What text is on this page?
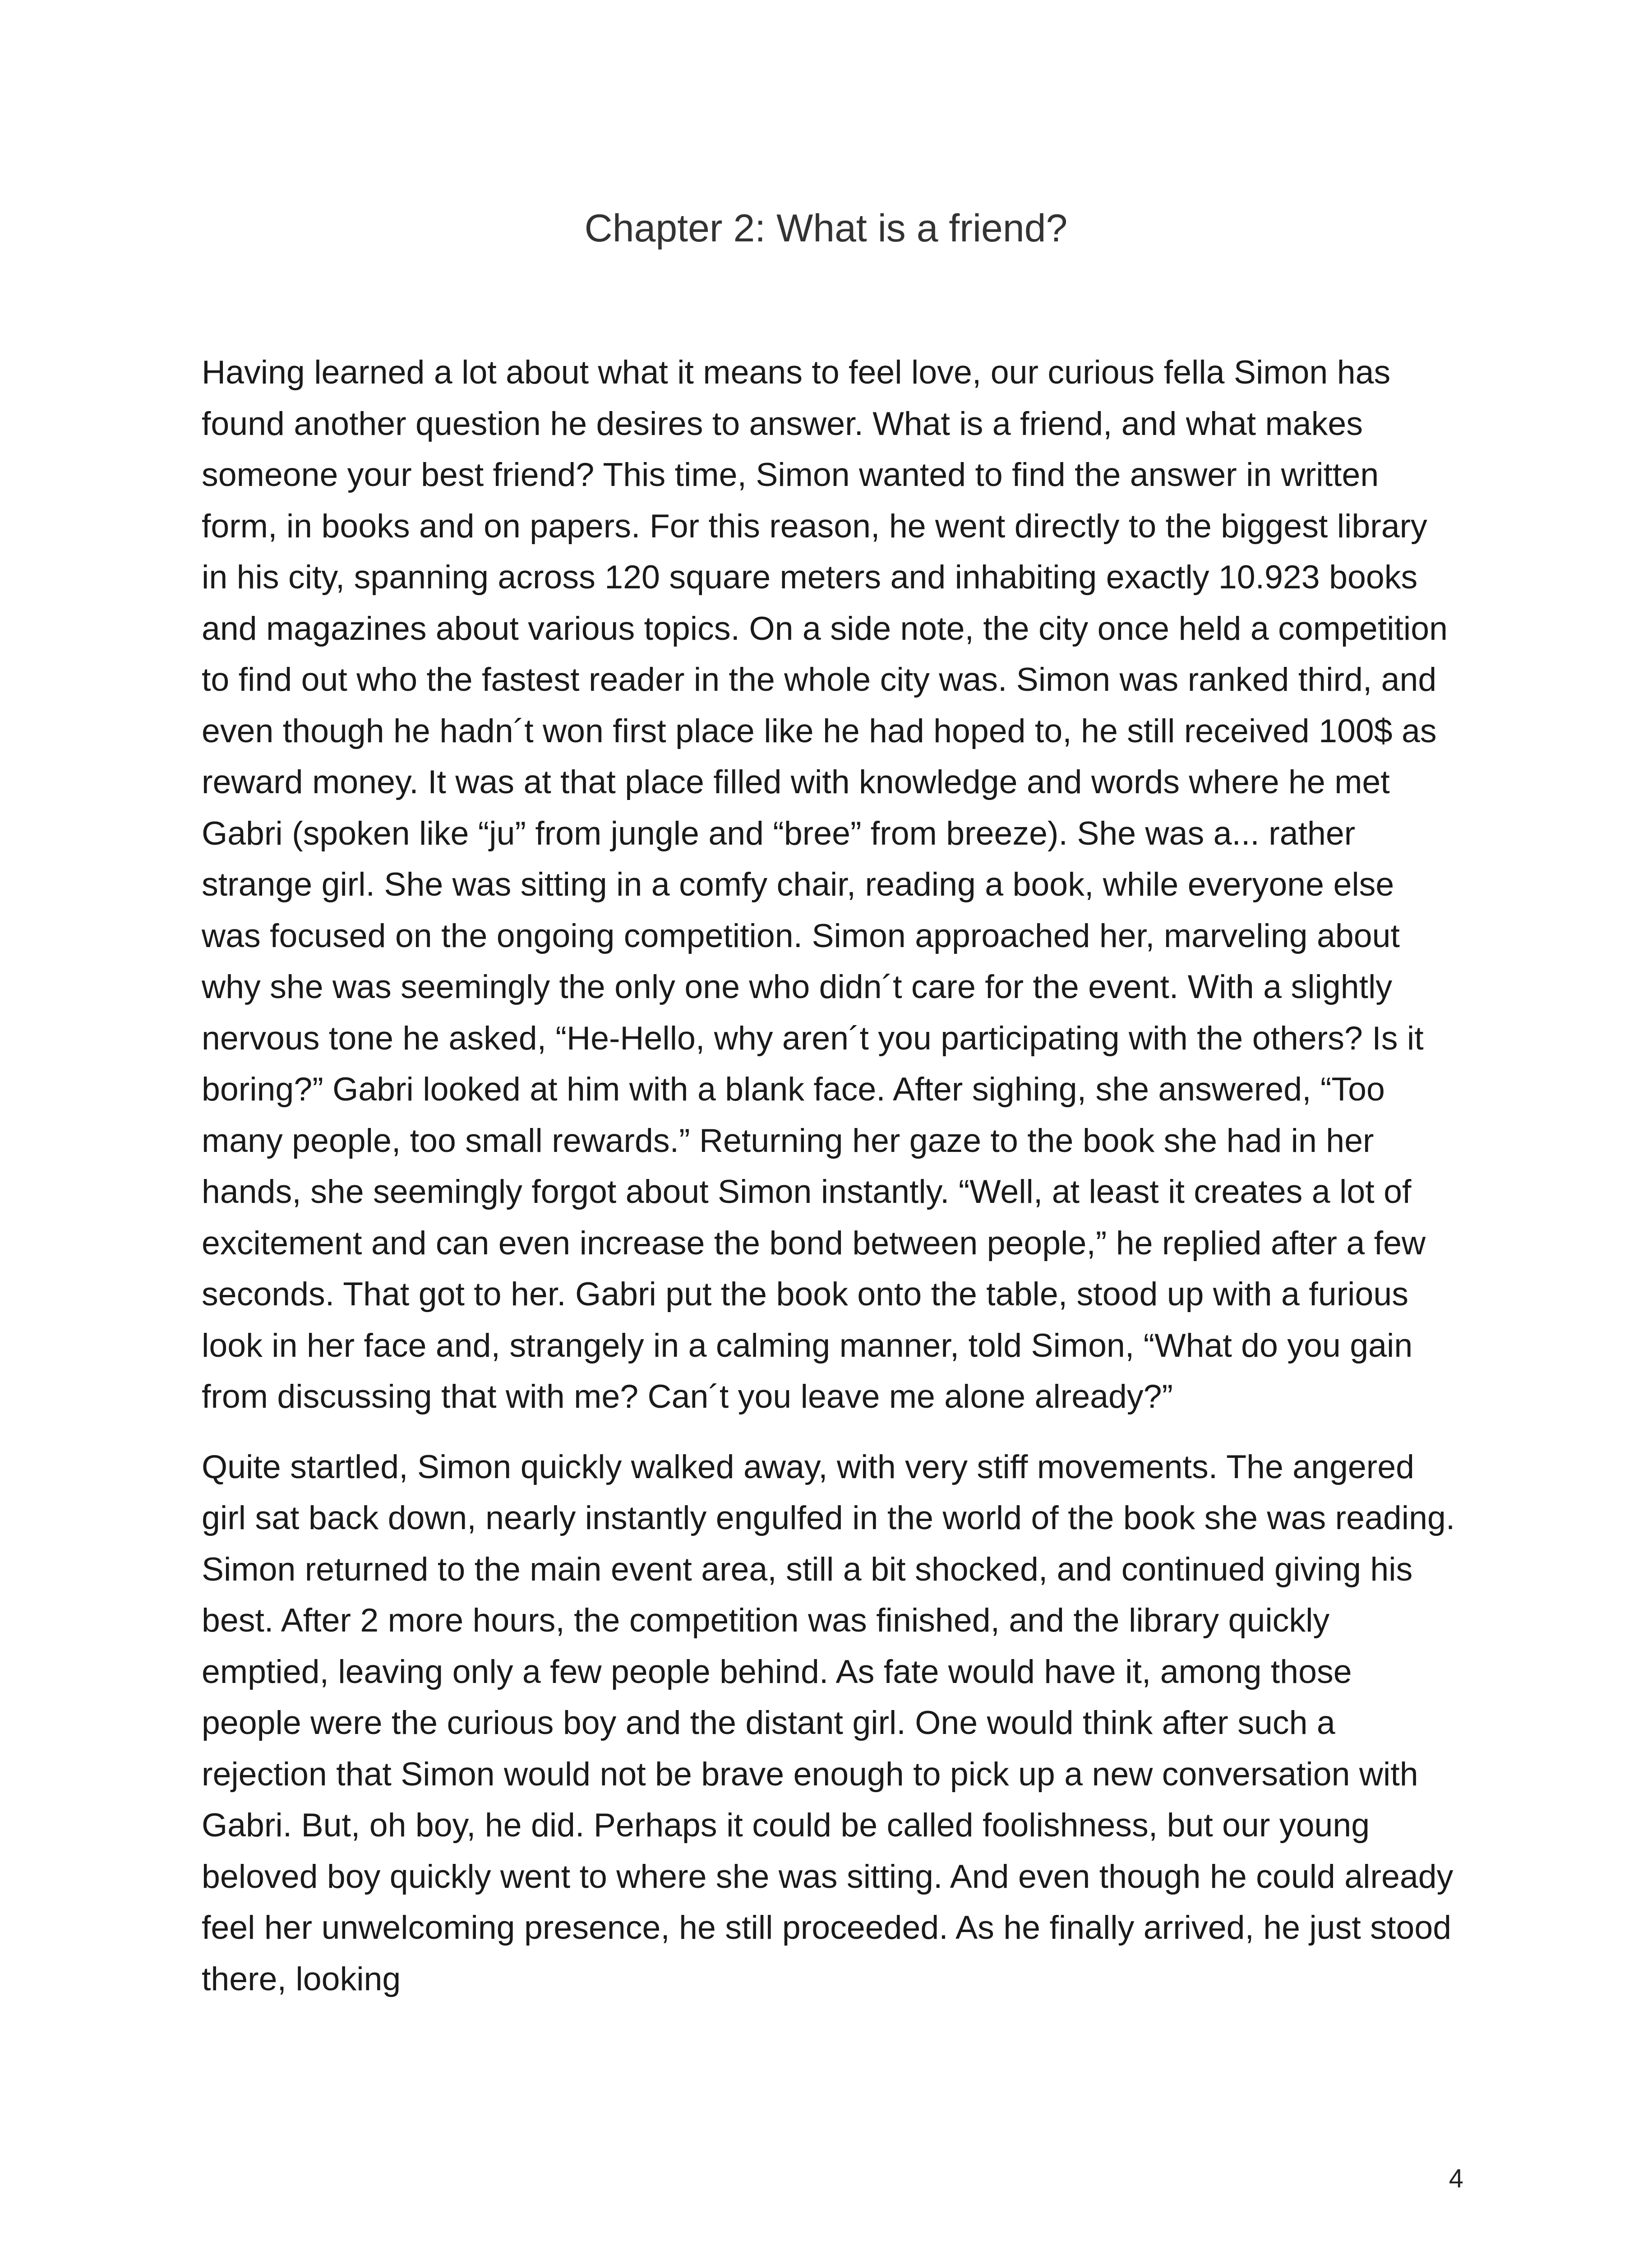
Chapter 2: What is a friend?

Having learned a lot about what it means to feel love, our curious fella Simon has found another question he desires to answer. What is a friend, and what makes someone your best friend? This time, Simon wanted to find the answer in written form, in books and on papers. For this reason, he went directly to the biggest library in his city, spanning across 120 square meters and inhabiting exactly 10.923 books and magazines about various topics. On a side note, the city once held a competition to find out who the fastest reader in the whole city was. Simon was ranked third, and even though he hadn´t won first place like he had hoped to, he still received 100$ as reward money. It was at that place filled with knowledge and words where he met Gabri (spoken like “ju” from jungle and “bree” from breeze). She was a... rather strange girl. She was sitting in a comfy chair, reading a book, while everyone else was focused on the ongoing competition. Simon approached her, marveling about why she was seemingly the only one who didn´t care for the event. With a slightly nervous tone he asked, “He-Hello, why aren´t you participating with the others? Is it boring?” Gabri looked at him with a blank face. After sighing, she answered, “Too many people, too small rewards.” Returning her gaze to the book she had in her hands, she seemingly forgot about Simon instantly. “Well, at least it creates a lot of excitement and can even increase the bond between people,” he replied after a few seconds. That got to her. Gabri put the book onto the table, stood up with a furious look in her face and, strangely in a calming manner, told Simon, “What do you gain from discussing that with me? Can´t you leave me alone already?”

Quite startled, Simon quickly walked away, with very stiff movements. The angered girl sat back down, nearly instantly engulfed in the world of the book she was reading. Simon returned to the main event area, still a bit shocked, and continued giving his best. After 2 more hours, the competition was finished, and the library quickly emptied, leaving only a few people behind. As fate would have it, among those people were the curious boy and the distant girl. One would think after such a rejection that Simon would not be brave enough to pick up a new conversation with Gabri. But, oh boy, he did. Perhaps it could be called foolishness, but our young beloved boy quickly went to where she was sitting. And even though he could already feel her unwelcoming presence, he still proceeded. As he finally arrived, he just stood there, looking

4
